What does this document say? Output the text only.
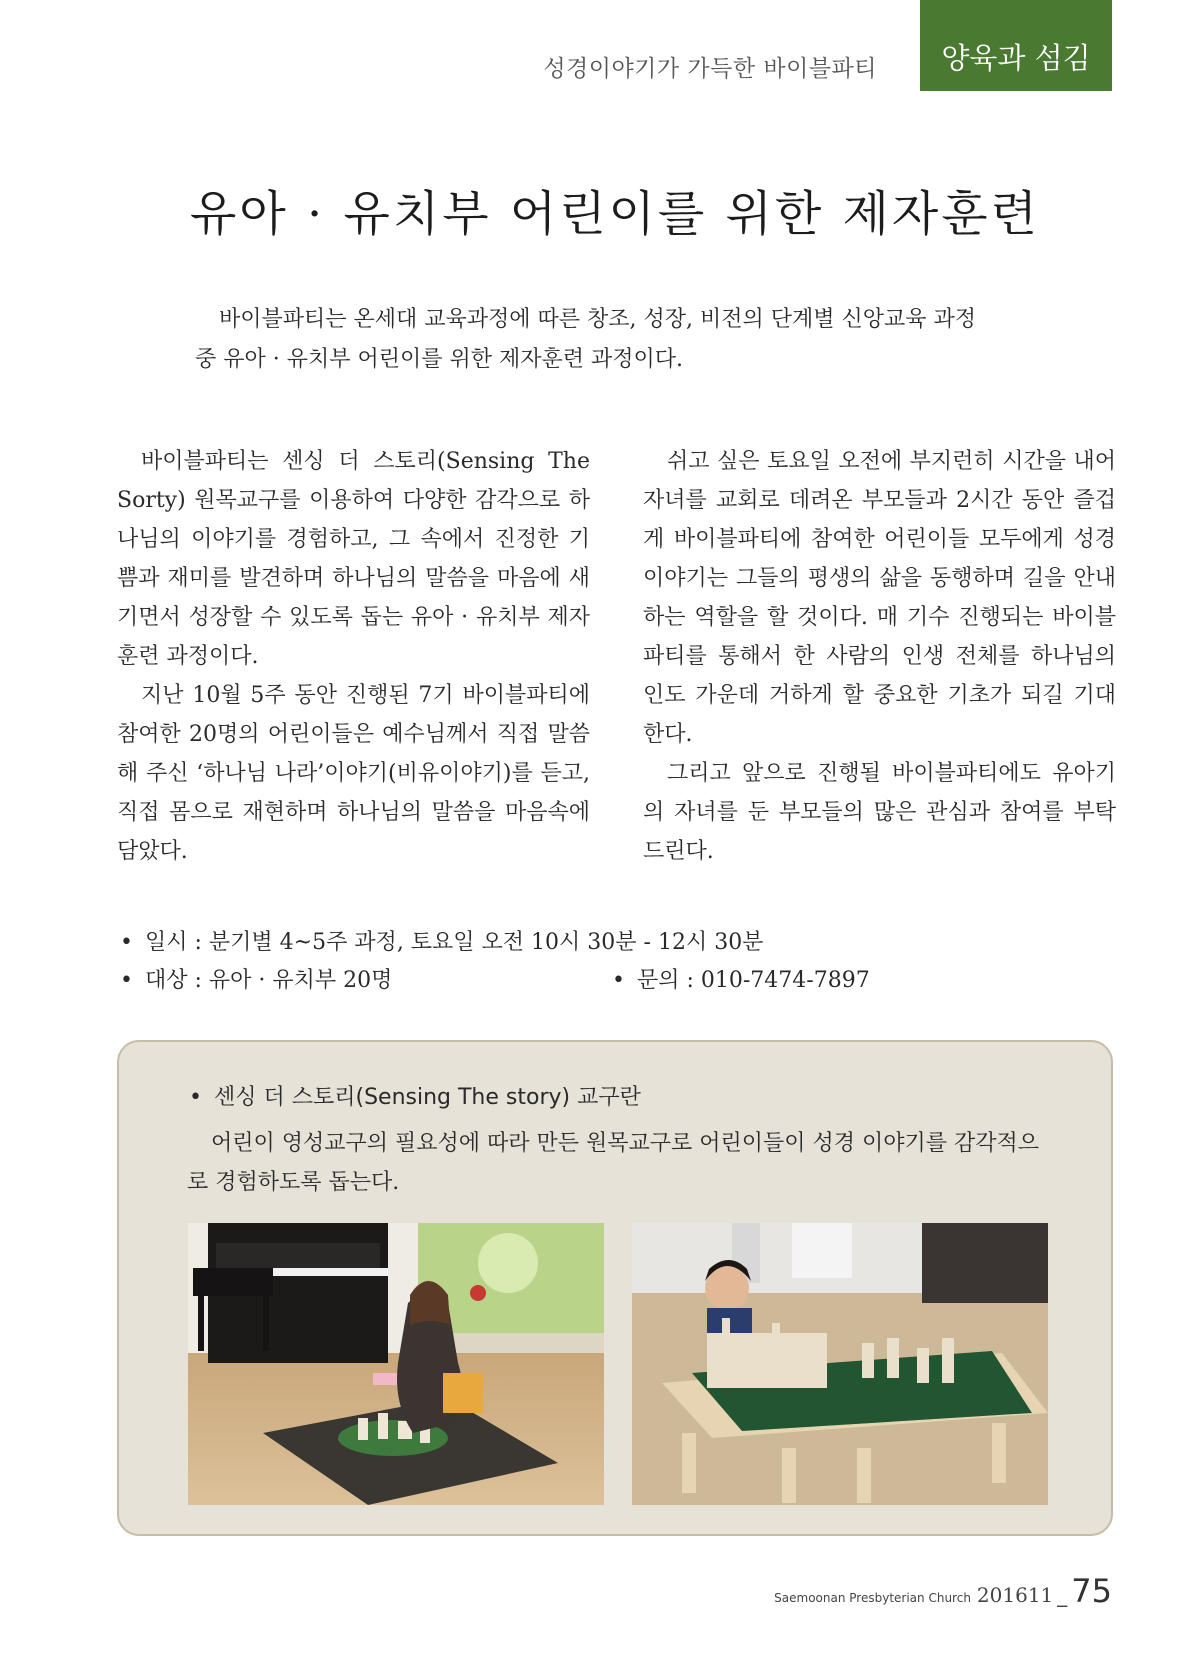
성경이야기가 가득한 바이블파티 양육과 섬김
유아 · 유치부 어린이를 위한 제자훈련

바이블파티는 온세대 교육과정에 따른 창조, 성장, 비전의 단계별 신앙교육 과정
중 유아 · 유치부 어린이를 위한 제자훈련 과정이다.

바이블파티는 센싱 더 스토리(Sensing The Sorty) 원목교구를 이용하여 다양한 감각으로 하나님의 이야기를 경험하고, 그 속에서 진정한 기쁨과 재미를 발견하며 하나님의 말씀을 마음에 새기면서 성장할 수 있도록 돕는 유아 · 유치부 제자훈련 과정이다.

지난 10월 5주 동안 진행된 7기 바이블파티에 참여한 20명의 어린이들은 예수님께서 직접 말씀해 주신 ‘하나님 나라’이야기(비유이야기)를 듣고, 직접 몸으로 재현하며 하나님의 말씀을 마음속에 담았다.

쉬고 싶은 토요일 오전에 부지런히 시간을 내어 자녀를 교회로 데려온 부모들과 2시간 동안 즐겁게 바이블파티에 참여한 어린이들 모두에게 성경 이야기는 그들의 평생의 삶을 동행하며 길을 안내하는 역할을 할 것이다. 매 기수 진행되는 바이블파티를 통해서 한 사람의 인생 전체를 하나님의 인도 가운데 거하게 할 중요한 기초가 되길 기대한다.

그리고 앞으로 진행될 바이블파티에도 유아기의 자녀를 둔 부모들의 많은 관심과 참여를 부탁드린다.

• 일시 : 분기별 4~5주 과정, 토요일 오전 10시 30분 - 12시 30분
• 대상 : 유아 · 유치부 20명	• 문의 : 010-7474-7897
• 센싱 더 스토리(Sensing The story) 교구란

어린이 영성교구의 필요성에 따라 만든 원목교구로 어린이들이 성경 이야기를 감각적으로 경험하도록 돕는다.

Saemoonan Presbyterian Church 201611 _ 75
